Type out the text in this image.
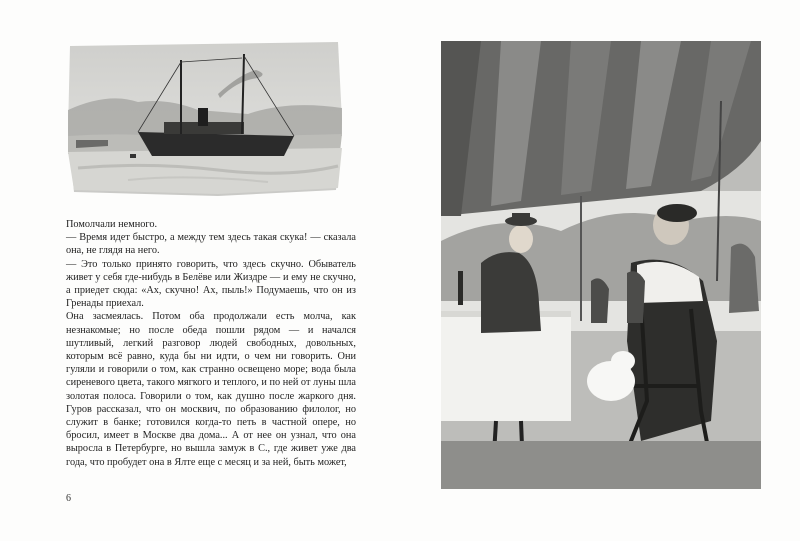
Помолчали немного.

— Время идет быстро, а между тем здесь такая скука! — сказала она, не глядя на него.

— Это только принято говорить, что здесь скучно. Обыватель живет у себя где-нибудь в Белёве или Жиздре — и ему не скучно, а приедет сюда: «Ах, скучно! Ах, пыль!» Подумаешь, что он из Гренады приехал.

Она засмеялась. Потом оба продолжали есть молча, как незнакомые; но после обеда пошли рядом — и начался шутливый, легкий разговор людей свободных, довольных, которым всё равно, куда бы ни идти, о чем ни говорить. Они гуляли и говорили о том, как странно освещено море; вода была сиреневого цвета, такого мягкого и теплого, и по ней от луны шла золотая полоса. Говорили о том, как душно после жаркого дня. Гуров рассказал, что он москвич, по образованию филолог, но служит в банке; готовился когда-то петь в частной опере, но бросил, имеет в Москве два дома... А от нее он узнал, что она выросла в Петербурге, но вышла замуж в С., где живет уже два года, что пробудет она в Ялте еще с месяц и за ней, быть может,

6
